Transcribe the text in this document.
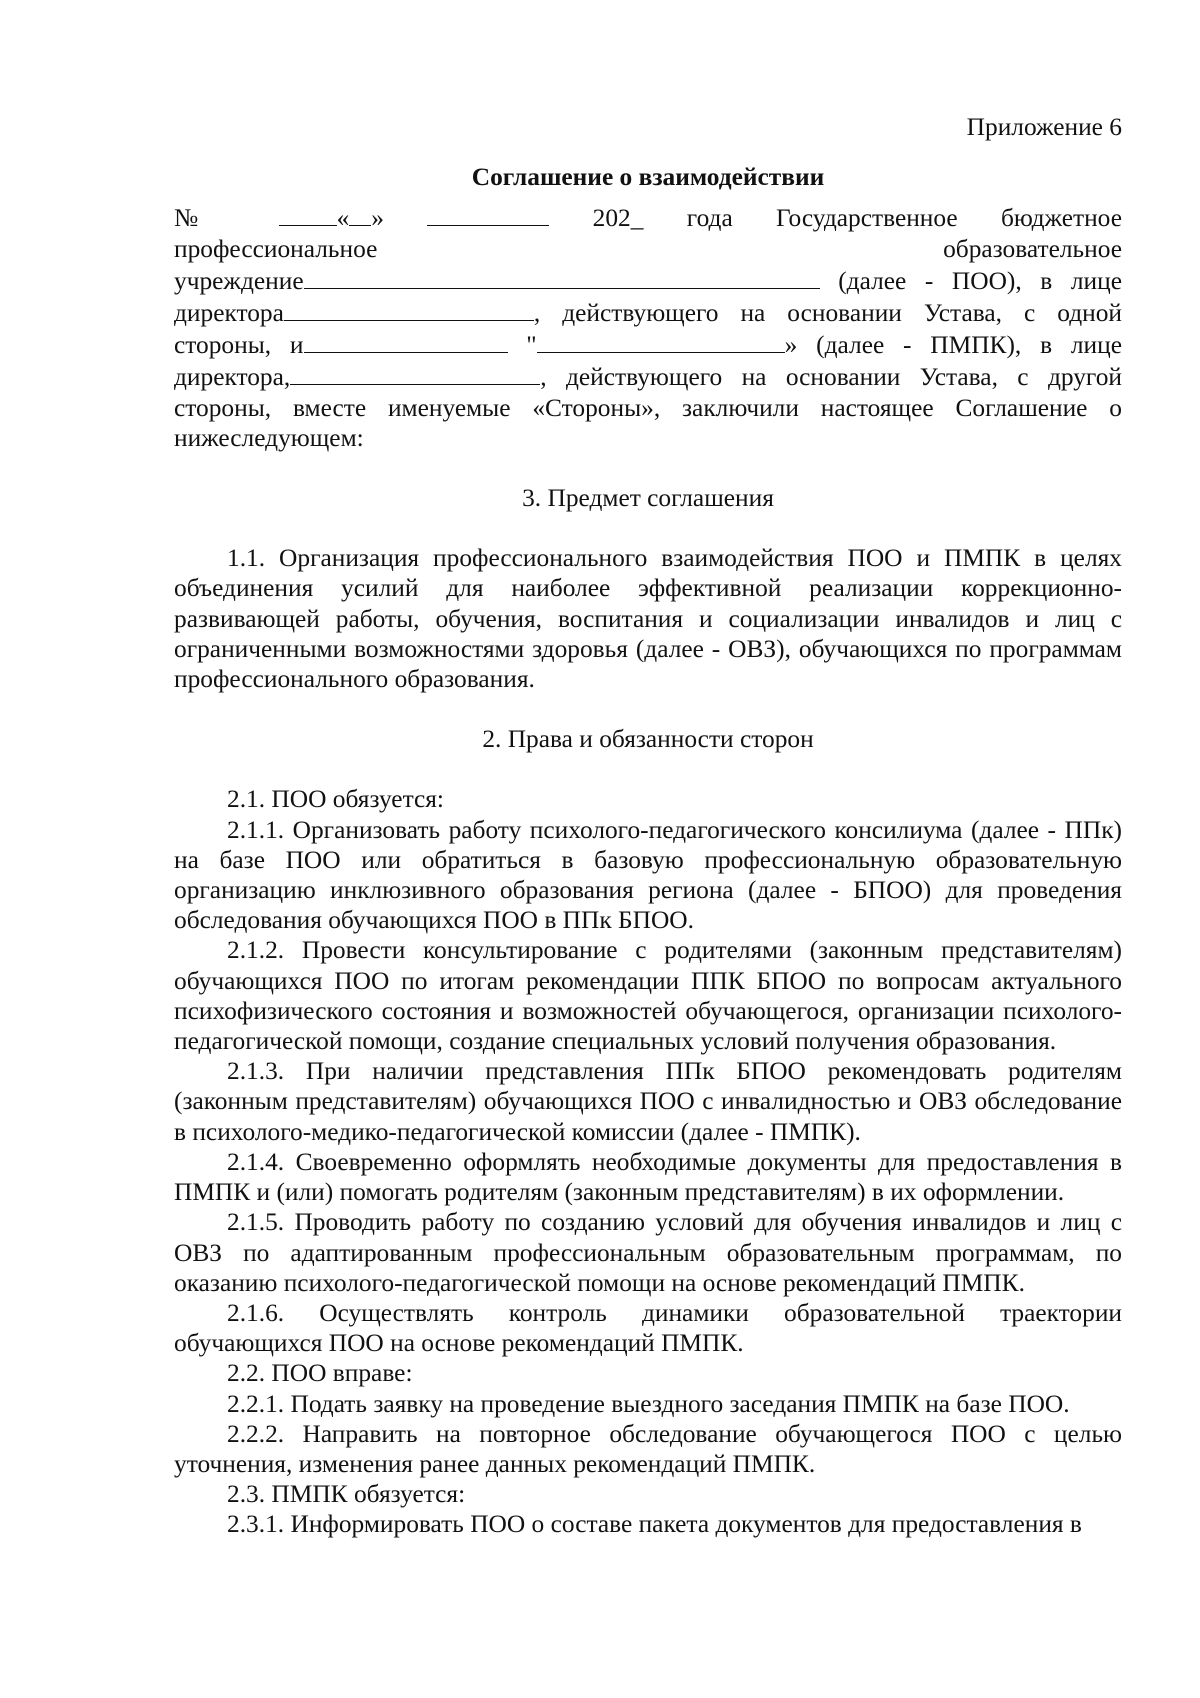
Приложение 6

Соглашение о взаимодействии

№	« »	202_ года Государственное бюджетное

профессиональное	образовательное

учреждение	(далее - ПОО), в лице

директора	, действующего на основании Устава, с одной

стороны, и	"	» (далее - ПМПК), в лице

директора,	, действующего на основании Устава, с другой

стороны, вместе именуемые «Стороны», заключили настоящее Соглашение о

нижеследующем:

3. Предмет соглашения

1.1. Организация профессионального взаимодействия ПОО и ПМПК в целях объединения усилий для наиболее эффективной реализации коррекционно-развивающей работы, обучения, воспитания и социализации инвалидов и лиц с ограниченными возможностями здоровья (далее - ОВЗ), обучающихся по программам профессионального образования.

2. Права и обязанности сторон

2.1. ПОО обязуется:

2.1.1. Организовать работу психолого-педагогического консилиума (далее - ППк) на базе ПОО или обратиться в базовую профессиональную образовательную организацию инклюзивного образования региона (далее - БПОО) для проведения обследования обучающихся ПОО в ППк БПОО.

2.1.2. Провести консультирование с родителями (законным представителям) обучающихся ПОО по итогам рекомендации ППК БПОО по вопросам актуального психофизического состояния и возможностей обучающегося, организации психолого-педагогической помощи, создание специальных условий получения образования.

2.1.3. При наличии представления ППк БПОО рекомендовать родителям (законным представителям) обучающихся ПОО с инвалидностью и ОВЗ обследование в психолого-медико-педагогической комиссии (далее - ПМПК).

2.1.4. Своевременно оформлять необходимые документы для предоставления в ПМПК и (или) помогать родителям (законным представителям) в их оформлении.

2.1.5. Проводить работу по созданию условий для обучения инвалидов и лиц с ОВЗ по адаптированным профессиональным образовательным программам, по оказанию психолого-педагогической помощи на основе рекомендаций ПМПК.

2.1.6. Осуществлять контроль динамики образовательной траектории обучающихся ПОО на основе рекомендаций ПМПК.

2.2. ПОО вправе:

2.2.1. Подать заявку на проведение выездного заседания ПМПК на базе ПОО.

2.2.2. Направить на повторное обследование обучающегося ПОО с целью уточнения, изменения ранее данных рекомендаций ПМПК.

2.3. ПМПК обязуется:

2.3.1. Информировать ПОО о составе пакета документов для предоставления в
